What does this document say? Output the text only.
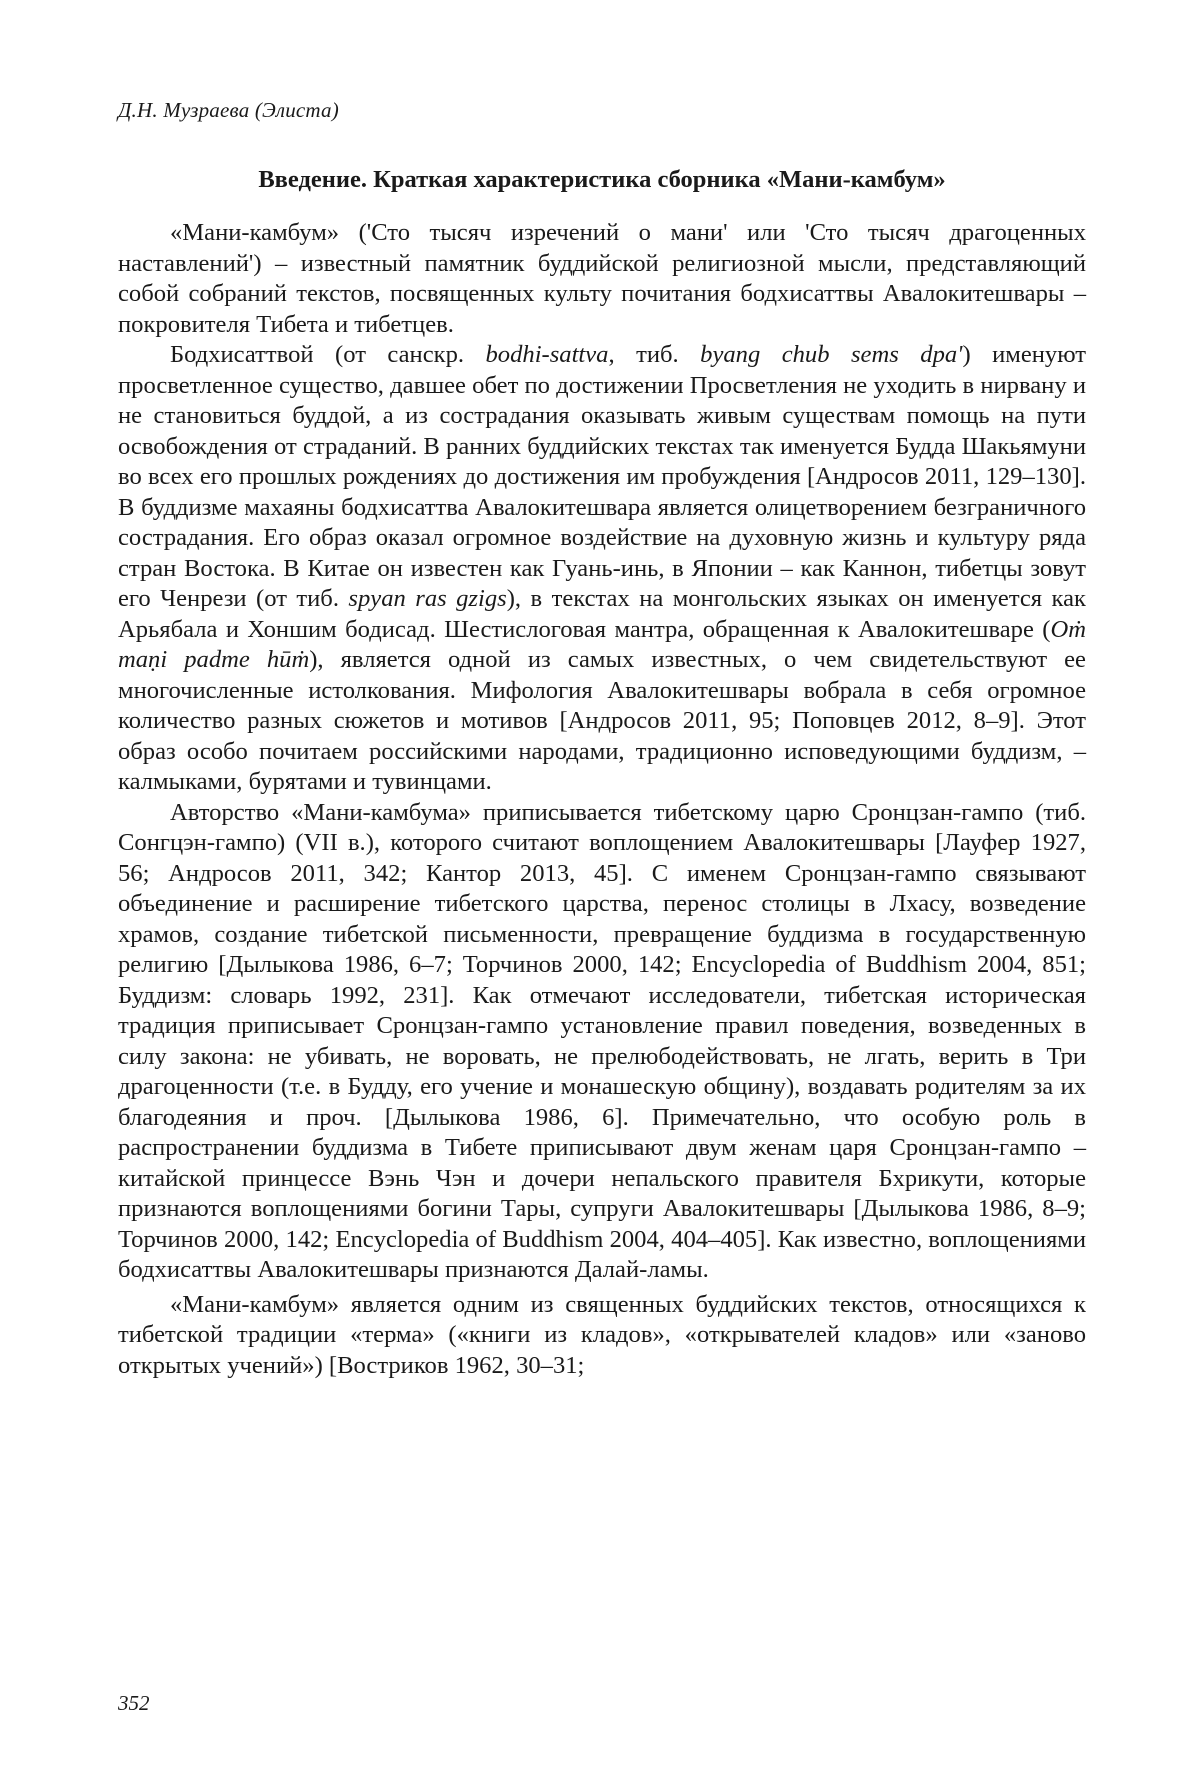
Д.Н. Музраева (Элиста)
Введение. Краткая характеристика сборника «Мани-камбум»

«Мани-камбум» ('Сто тысяч изречений о мани' или 'Сто тысяч драгоценных наставлений') – известный памятник буддийской религиозной мысли, представляющий собой собраний текстов, посвященных культу почитания бодхисаттвы Авалокитешвары – покровителя Тибета и тибетцев.

Бодхисаттвой (от санскр. bodhi-sattva, тиб. byang chub sems dpa') именуют просветленное существо, давшее обет по достижении Просветления не уходить в нирвану и не становиться буддой, а из сострадания оказывать живым существам помощь на пути освобождения от страданий. В ранних буддийских текстах так именуется Будда Шакьямуни во всех его прошлых рождениях до достижения им пробуждения [Андросов 2011, 129–130]. В буддизме махаяны бодхисаттва Авалокитешвара является олицетворением безграничного сострадания. Его образ оказал огромное воздействие на духовную жизнь и культуру ряда стран Востока. В Китае он известен как Гуань-инь, в Японии – как Каннон, тибетцы зовут его Ченрези (от тиб. spyan ras gzigs), в текстах на монгольских языках он именуется как Арьябала и Хоншим бодисад. Шестислоговая мантра, обращенная к Авалокитешваре (Oṁ maṇi padme hūṁ), является одной из самых известных, о чем свидетельствуют ее многочисленные истолкования. Мифология Авалокитешвары вобрала в себя огромное количество разных сюжетов и мотивов [Андросов 2011, 95; Поповцев 2012, 8–9]. Этот образ особо почитаем российскими народами, традиционно исповедующими буддизм, – калмыками, бурятами и тувинцами.

Авторство «Мани-камбума» приписывается тибетскому царю Сронцзан-гампо (тиб. Сонгцэн-гампо) (VII в.), которого считают воплощением Авалокитешвары [Лауфер 1927, 56; Андросов 2011, 342; Кантор 2013, 45]. С именем Сронцзан-гампо связывают объединение и расширение тибетского царства, перенос столицы в Лхасу, возведение храмов, создание тибетской письменности, превращение буддизма в государственную религию [Дылыкова 1986, 6–7; Торчинов 2000, 142; Encyclopedia of Buddhism 2004, 851; Буддизм: словарь 1992, 231]. Как отмечают исследователи, тибетская историческая традиция приписывает Сронцзан-гампо установление правил поведения, возведенных в силу закона: не убивать, не воровать, не прелюбодействовать, не лгать, верить в Три драгоценности (т.е. в Будду, его учение и монашескую общину), воздавать родителям за их благодеяния и проч. [Дылыкова 1986, 6]. Примечательно, что особую роль в распространении буддизма в Тибете приписывают двум женам царя Сронцзан-гампо – китайской принцессе Вэнь Чэн и дочери непальского правителя Бхрикути, которые признаются воплощениями богини Тары, супруги Авалокитешвары [Дылыкова 1986, 8–9; Торчинов 2000, 142; Encyclopedia of Buddhism 2004, 404–405]. Как известно, воплощениями бодхисаттвы Авалокитешвары признаются Далай-ламы.

«Мани-камбум» является одним из священных буддийских текстов, относящихся к тибетской традиции «терма» («книги из кладов», «открывателей кладов» или «заново открытых учений») [Востриков 1962, 30–31;

352
